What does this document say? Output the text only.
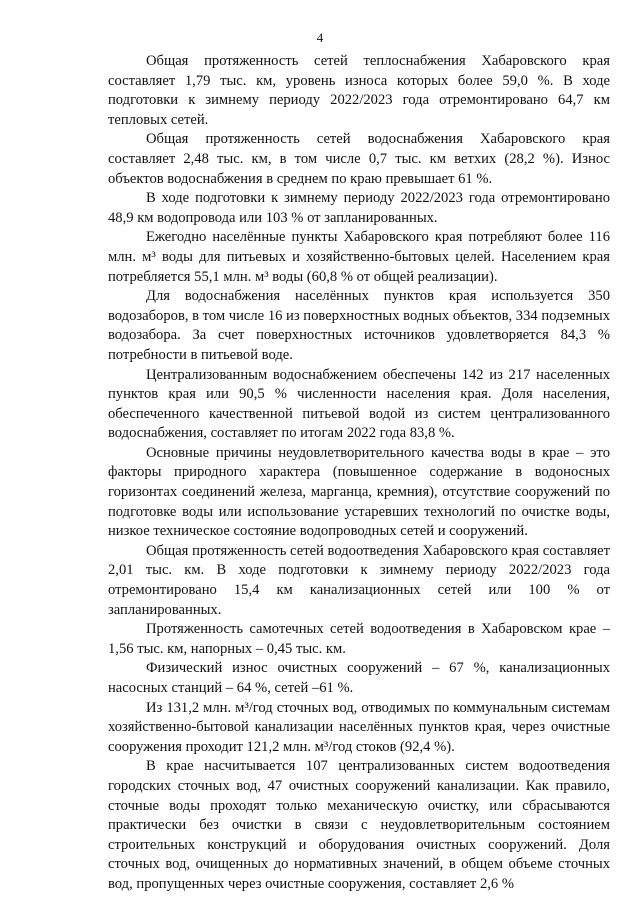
4

Общая протяженность сетей теплоснабжения Хабаровского края составляет 1,79 тыс. км, уровень износа которых более 59,0 %. В ходе подготовки к зимнему периоду 2022/2023 года отремонтировано 64,7 км тепловых сетей.

Общая протяженность сетей водоснабжения Хабаровского края составляет 2,48 тыс. км, в том числе 0,7 тыс. км ветхих (28,2 %). Износ объектов водоснабжения в среднем по краю превышает 61 %.

В ходе подготовки к зимнему периоду 2022/2023 года отремонтировано 48,9 км водопровода или 103 % от запланированных.

Ежегодно населённые пункты Хабаровского края потребляют более 116 млн. м³ воды для питьевых и хозяйственно-бытовых целей. Населением края потребляется 55,1 млн. м³ воды (60,8 % от общей реализации).

Для водоснабжения населённых пунктов края используется 350 водозаборов, в том числе 16 из поверхностных водных объектов, 334 подземных водозабора. За счет поверхностных источников удовлетворяется 84,3 % потребности в питьевой воде.

Централизованным водоснабжением обеспечены 142 из 217 населенных пунктов края или 90,5 % численности населения края. Доля населения, обеспеченного качественной питьевой водой из систем централизованного водоснабжения, составляет по итогам 2022 года 83,8 %.

Основные причины неудовлетворительного качества воды в крае – это факторы природного характера (повышенное содержание в водоносных горизонтах соединений железа, марганца, кремния), отсутствие сооружений по подготовке воды или использование устаревших технологий по очистке воды, низкое техническое состояние водопроводных сетей и сооружений.

Общая протяженность сетей водоотведения Хабаровского края составляет 2,01 тыс. км. В ходе подготовки к зимнему периоду 2022/2023 года отремонтировано 15,4 км канализационных сетей или 100 % от запланированных.

Протяженность самотечных сетей водоотведения в Хабаровском крае – 1,56 тыс. км, напорных – 0,45 тыс. км.

Физический износ очистных сооружений – 67 %, канализационных насосных станций – 64 %, сетей –61 %.

Из 131,2 млн. м³/год сточных вод, отводимых по коммунальным системам хозяйственно-бытовой канализации населённых пунктов края, через очистные сооружения проходит 121,2 млн. м³/год стоков (92,4 %).

В крае насчитывается 107 централизованных систем водоотведения городских сточных вод, 47 очистных сооружений канализации. Как правило, сточные воды проходят только механическую очистку, или сбрасываются практически без очистки в связи с неудовлетворительным состоянием строительных конструкций и оборудования очистных сооружений. Доля сточных вод, очищенных до нормативных значений, в общем объеме сточных вод, пропущенных через очистные сооружения, составляет 2,6 %
